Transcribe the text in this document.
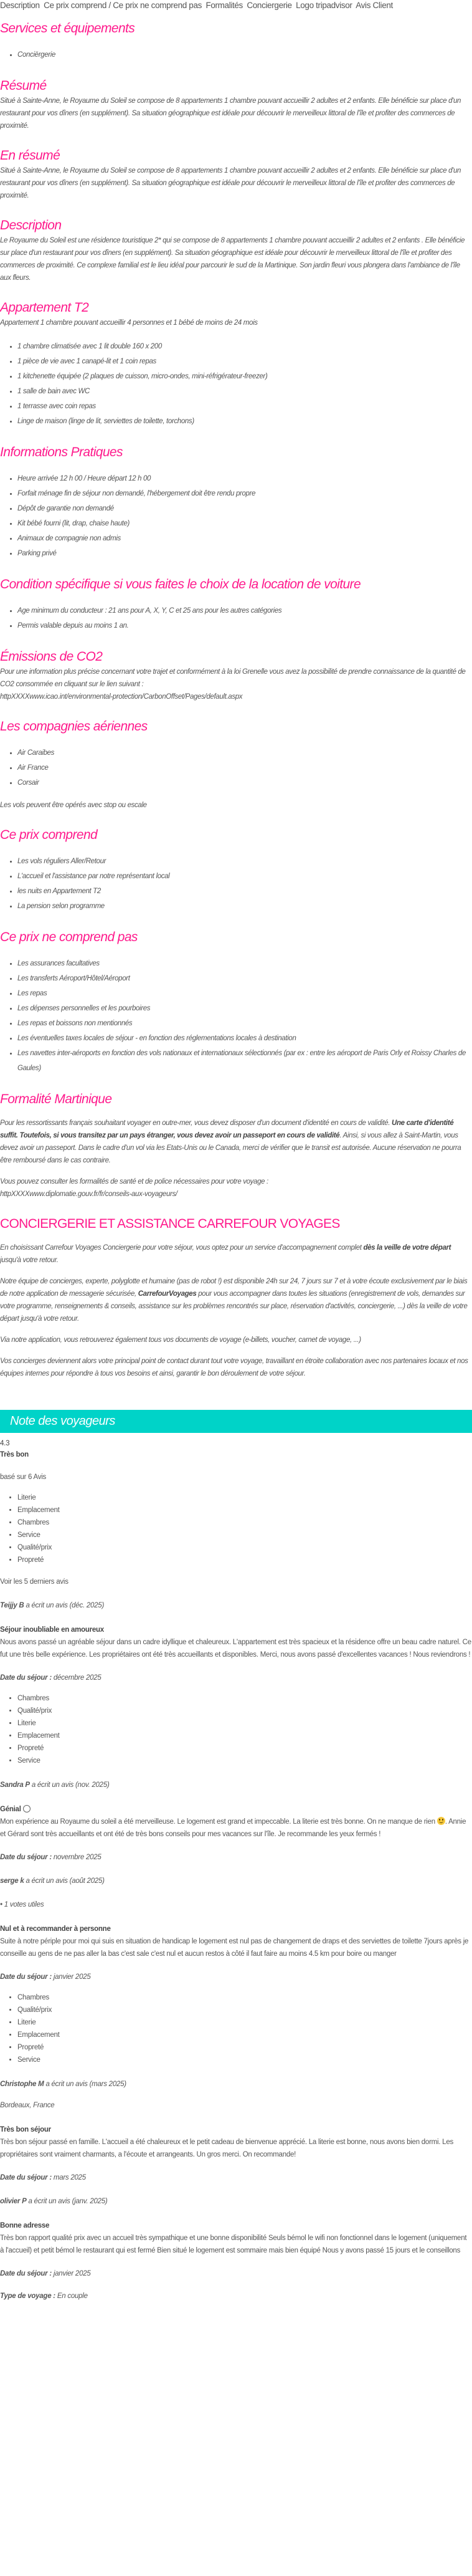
Description Ce prix comprend / Ce prix ne comprend pas Formalités Conciergerie Logo tripadvisor Avis Client
Services et équipements
• Conciërgerie
Résumé

Situé à Sainte-Anne, le Royaume du Soleil se compose de 8 appartements 1 chambre pouvant accueillir 2 adultes et 2 enfants. Elle bénéficie sur place d'un restaurant pour vos dîners (en supplément). Sa situation géographique est idéale pour découvrir le merveilleux littoral de l'île et profiter des commerces de proximité.

En résumé

Situé à Sainte-Anne, le Royaume du Soleil se compose de 8 appartements 1 chambre pouvant accueillir 2 adultes et 2 enfants. Elle bénéficie sur place d'un restaurant pour vos dîners (en supplément). Sa situation géographique est idéale pour découvrir le merveilleux littoral de l'île et profiter des commerces de proximité.

Description

Le Royaume du Soleil est une résidence touristique 2* qui se compose de 8 appartements 1 chambre pouvant accueillir 2 adultes et 2 enfants . Elle bénéficie sur place d'un restaurant pour vos dîners (en supplément). Sa situation géographique est idéale pour découvrir le merveilleux littoral de l'île et profiter des commerces de proximité. Ce complexe familial est le lieu idéal pour parcourir le sud de la Martinique. Son jardin fleuri vous plongera dans l'ambiance de l'île aux fleurs.

Appartement T2

Appartement 1 chambre pouvant accueillir 4 personnes et 1 bébé de moins de 24 mois

• 1 chambre climatisée avec 1 lit double 160 x 200
• 1 pièce de vie avec 1 canapé-lit et 1 coin repas
• 1 kitchenette équipée (2 plaques de cuisson, micro-ondes, mini-réfrigérateur-freezer)
• 1 salle de bain avec WC
• 1 terrasse avec coin repas
• Linge de maison (linge de lit, serviettes de toilette, torchons)
Informations Pratiques
• Heure arrivée 12 h 00 / Heure départ 12 h 00
• Forfait ménage fin de séjour non demandé, l'hébergement doit être rendu propre
• Dépôt de garantie non demandé
• Kit bébé fourni (lit, drap, chaise haute)
• Animaux de compagnie non admis
• Parking privé
Condition spécifique si vous faites le choix de la location de voiture
• Age minimum du conducteur : 21 ans pour A, X, Y, C et 25 ans pour les autres catégories
• Permis valable depuis au moins 1 an.
Émissions de CO2

Pour une information plus précise concernant votre trajet et conformément à la loi Grenelle vous avez la possibilité de prendre connaissance de la quantité de CO2 consommée en cliquant sur le lien suivant :
httpXXXXwww.icao.int/environmental-protection/CarbonOffset/Pages/default.aspx

Les compagnies aériennes
• Air Caraibes
• Air France
• Corsair

Les vols peuvent être opérés avec stop ou escale

Ce prix comprend
• Les vols réguliers Aller/Retour
• L'accueil et l'assistance par notre représentant local
• les nuits en Appartement T2
• La pension selon programme
Ce prix ne comprend pas
• Les assurances facultatives
• Les transferts Aéroport/Hôtel/Aéroport
• Les repas
• Les dépenses personnelles et les pourboires
• Les repas et boissons non mentionnés
• Les éventuelles taxes locales de séjour - en fonction des réglementations locales à destination
• Les navettes inter-aéroports en fonction des vols nationaux et internationaux sélectionnés (par ex : entre les aéroport de Paris Orly et Roissy Charles de Gaules)
Formalité Martinique

Pour les ressortissants français souhaitant voyager en outre-mer, vous devez disposer d'un document d'identité en cours de validité. Une carte d'identité suffit. Toutefois, si vous transitez par un pays étranger, vous devez avoir un passeport en cours de validité. Ainsi, si vous allez à Saint-Martin, vous devez avoir un passeport. Dans le cadre d'un vol via les Etats-Unis ou le Canada, merci de vérifier que le transit est autorisée. Aucune réservation ne pourra être remboursé dans le cas contraire.

Vous pouvez consulter les formalités de santé et de police nécessaires pour votre voyage :
httpXXXXwww.diplomatie.gouv.fr/fr/conseils-aux-voyageurs/

CONCIERGERIE ET ASSISTANCE CARREFOUR VOYAGES

En choisissant Carrefour Voyages Conciergerie pour votre séjour, vous optez pour un service d'accompagnement complet dès la veille de votre départ jusqu'à votre retour.

Notre équipe de concierges, experte, polyglotte et humaine (pas de robot !) est disponible 24h sur 24, 7 jours sur 7 et à votre écoute exclusivement par le biais de notre application de messagerie sécurisée, CarrefourVoyages pour vous accompagner dans toutes les situations (enregistrement de vols, demandes sur votre programme, renseignements & conseils, assistance sur les problèmes rencontrés sur place, réservation d'activités, conciergerie, ...) dès la veille de votre départ jusqu'à votre retour.

Via notre application, vous retrouverez également tous vos documents de voyage (e-billets, voucher, carnet de voyage, ...)

Vos concierges deviennent alors votre principal point de contact durant tout votre voyage, travaillant en étroite collaboration avec nos partenaires locaux et nos équipes internes pour répondre à tous vos besoins et ainsi, garantir le bon déroulement de votre séjour.

Note des voyageurs
4.3
Très bon
basé sur 6 Avis
• Literie
• Emplacement
• Chambres
• Service
• Qualité/prix
• Propreté
Voir les 5 derniers avis
Teijjy B a écrit un avis (déc. 2025)
Séjour inoubliable en amoureux
Nous avons passé un agréable séjour dans un cadre idyllique et chaleureux. L'appartement est très spacieux et la résidence offre un beau cadre naturel. Ce fut une très belle expérience. Les propriétaires ont été très accueillants et disponibles. Merci, nous avons passé d'excellentes vacances ! Nous reviendrons !
Date du séjour : décembre 2025
• Chambres
• Qualité/prix
• Literie
• Emplacement
• Propreté
• Service
Sandra P a écrit un avis (nov. 2025)
Génial
Mon expérience au Royaume du soleil a été merveilleuse. Le logement est grand et impeccable. La literie est très bonne. On ne manque de rien . Annie et Gérard sont très accueillants et ont été de très bons conseils pour mes vacances sur l'île. Je recommande les yeux fermés !
Date du séjour : novembre 2025
serge k a écrit un avis (août 2025)
• 1 votes utiles
Nul et à recommander à personne
Suite à notre périple pour moi qui suis en situation de handicap le logement est nul pas de changement de draps et des serviettes de toilette 7jours après je conseille au gens de ne pas aller la bas c'est sale c'est nul et aucun restos à côté il faut faire au moins 4.5 km pour boire ou manger
Date du séjour : janvier 2025
• Chambres
• Qualité/prix
• Literie
• Emplacement
• Propreté
• Service
Christophe M a écrit un avis (mars 2025)
Bordeaux, France
Très bon séjour
Très bon séjour passé en famille. L'accueil a été chaleureux et le petit cadeau de bienvenue apprécié. La literie est bonne, nous avons bien dormi. Les propriétaires sont vraiment charmants, a l'écoute et arrangeants. Un gros merci. On recommande!
Date du séjour : mars 2025
olivier P a écrit un avis (janv. 2025)
Bonne adresse
Très bon rapport qualité prix avec un accueil très sympathique et une bonne disponibilité Seuls bémol le wifi non fonctionnel dans le logement (uniquement à l'accueil) et petit bémol le restaurant qui est fermé Bien situé le logement est sommaire mais bien équipé Nous y avons passé 15 jours et le conseillons
Date du séjour : janvier 2025
Type de voyage : En couple
